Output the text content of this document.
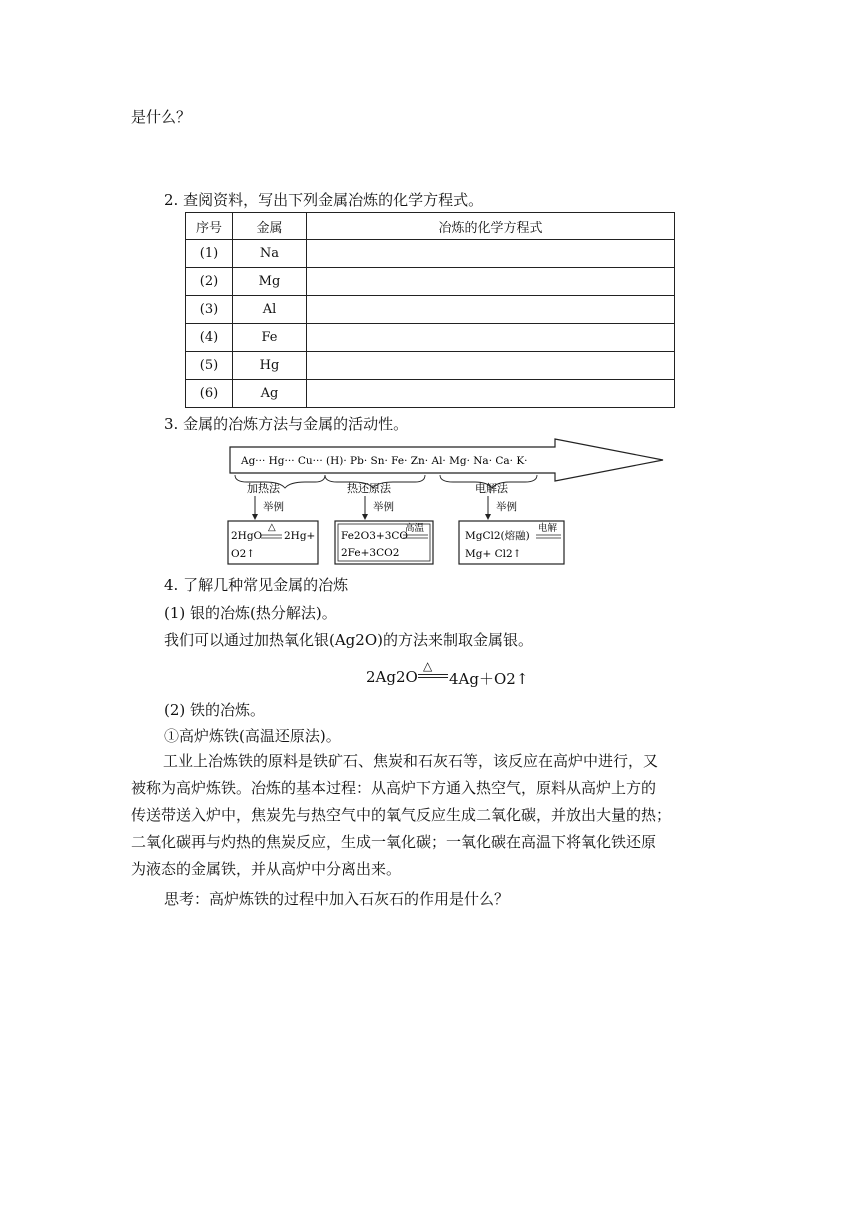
是什么？
2. 查阅资料，写出下列金属冶炼的化学方程式。
序号	金属	冶炼的化学方程式
(1)	Na	
(2)	Mg	
(3)	Al	
(4)	Fe	
(5)	Hg	
(6)	Ag	
3. 金属的冶炼方法与金属的活动性。
Ag··· Hg··· Cu··· (H)· Pb· Sn· Fe· Zn· Al· Mg· Na· Ca· K·
加热法	热还原法	电解法
举例	举例	举例
2HgO
△
2Hg+
O2↑
Fe2O3+3CO
高温
2Fe+3CO2
MgCl2(熔融)
电解
Mg+ Cl2↑
4. 了解几种常见金属的冶炼
(1) 银的冶炼(热分解法)。
我们可以通过加热氧化银(Ag2O)的方法来制取金属银。
2Ag2O
△
4Ag＋O2↑
(2) 铁的冶炼。
①高炉炼铁(高温还原法)。
工业上冶炼铁的原料是铁矿石、焦炭和石灰石等，该反应在高炉中进行，又
被称为高炉炼铁。冶炼的基本过程：从高炉下方通入热空气，原料从高炉上方的
传送带送入炉中，焦炭先与热空气中的氧气反应生成二氧化碳，并放出大量的热；
二氧化碳再与灼热的焦炭反应，生成一氧化碳；一氧化碳在高温下将氧化铁还原
为液态的金属铁，并从高炉中分离出来。
思考：高炉炼铁的过程中加入石灰石的作用是什么？
